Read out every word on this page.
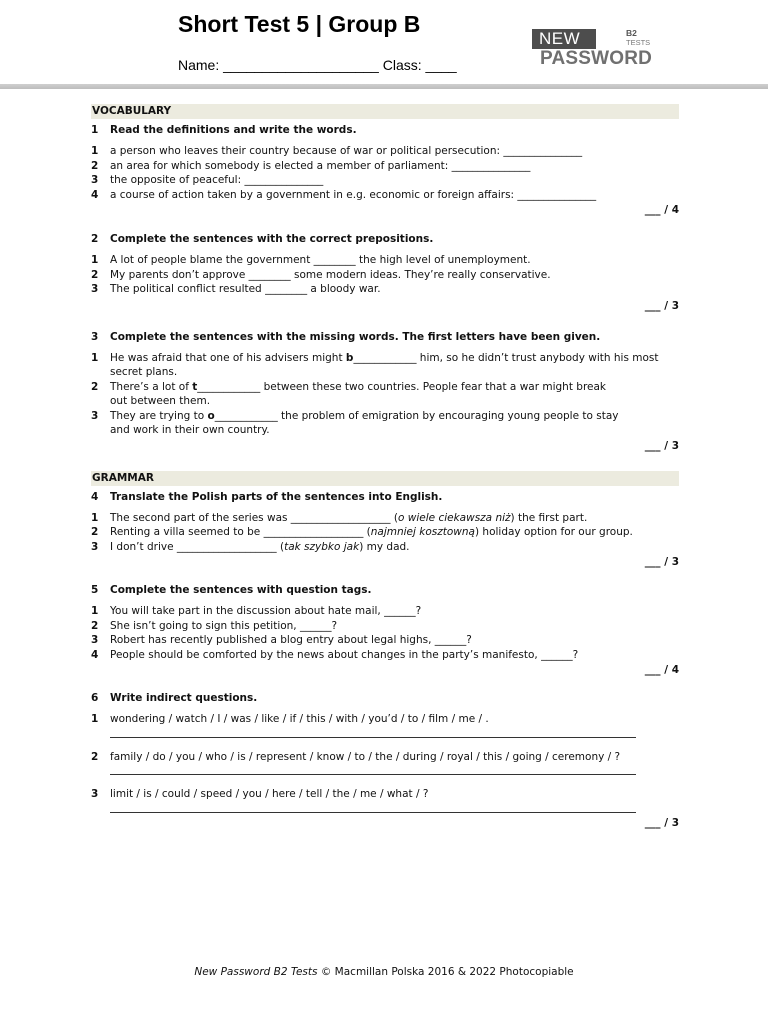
Short Test 5 | Group B
Name: ____________________ Class: ____
NEW	B2
TESTS
PASSWORD
VOCABULARY
1 Read the definitions and write the words.
1 a person who leaves their country because of war or political persecution: _______________
2 an area for which somebody is elected a member of parliament: _______________
3 the opposite of peaceful: _______________
4 a course of action taken by a government in e.g. economic or foreign affairs: _______________
___ / 4
2 Complete the sentences with the correct prepositions.
1 A lot of people blame the government ________ the high level of unemployment.
2 My parents don’t approve ________ some modern ideas. They’re really conservative.
3 The political conflict resulted ________ a bloody war.
___ / 3
3 Complete the sentences with the missing words. The first letters have been given.
1 He was afraid that one of his advisers might b____________ him, so he didn’t trust anybody with his most
secret plans.
2 There’s a lot of t____________ between these two countries. People fear that a war might break
out between them.
3 They are trying to o____________ the problem of emigration by encouraging young people to stay
and work in their own country.
___ / 3
GRAMMAR
4 Translate the Polish parts of the sentences into English.
1 The second part of the series was ___________________ (o wiele ciekawsza niż) the first part.
2 Renting a villa seemed to be ___________________ (najmniej kosztowną) holiday option for our group.
3 I don’t drive ___________________ (tak szybko jak) my dad.
___ / 3
5 Complete the sentences with question tags.
1 You will take part in the discussion about hate mail, ______?
2 She isn’t going to sign this petition, ______?
3 Robert has recently published a blog entry about legal highs, ______?
4 People should be comforted by the news about changes in the party’s manifesto, ______?
___ / 4
6 Write indirect questions.
1 wondering / watch / I / was / like / if / this / with / you’d / to / film / me / .
2 family / do / you / who / is / represent / know / to / the / during / royal / this / going / ceremony / ?
3 limit / is / could / speed / you / here / tell / the / me / what / ?
___ / 3
New Password B2 Tests © Macmillan Polska 2016 & 2022 Photocopiable
